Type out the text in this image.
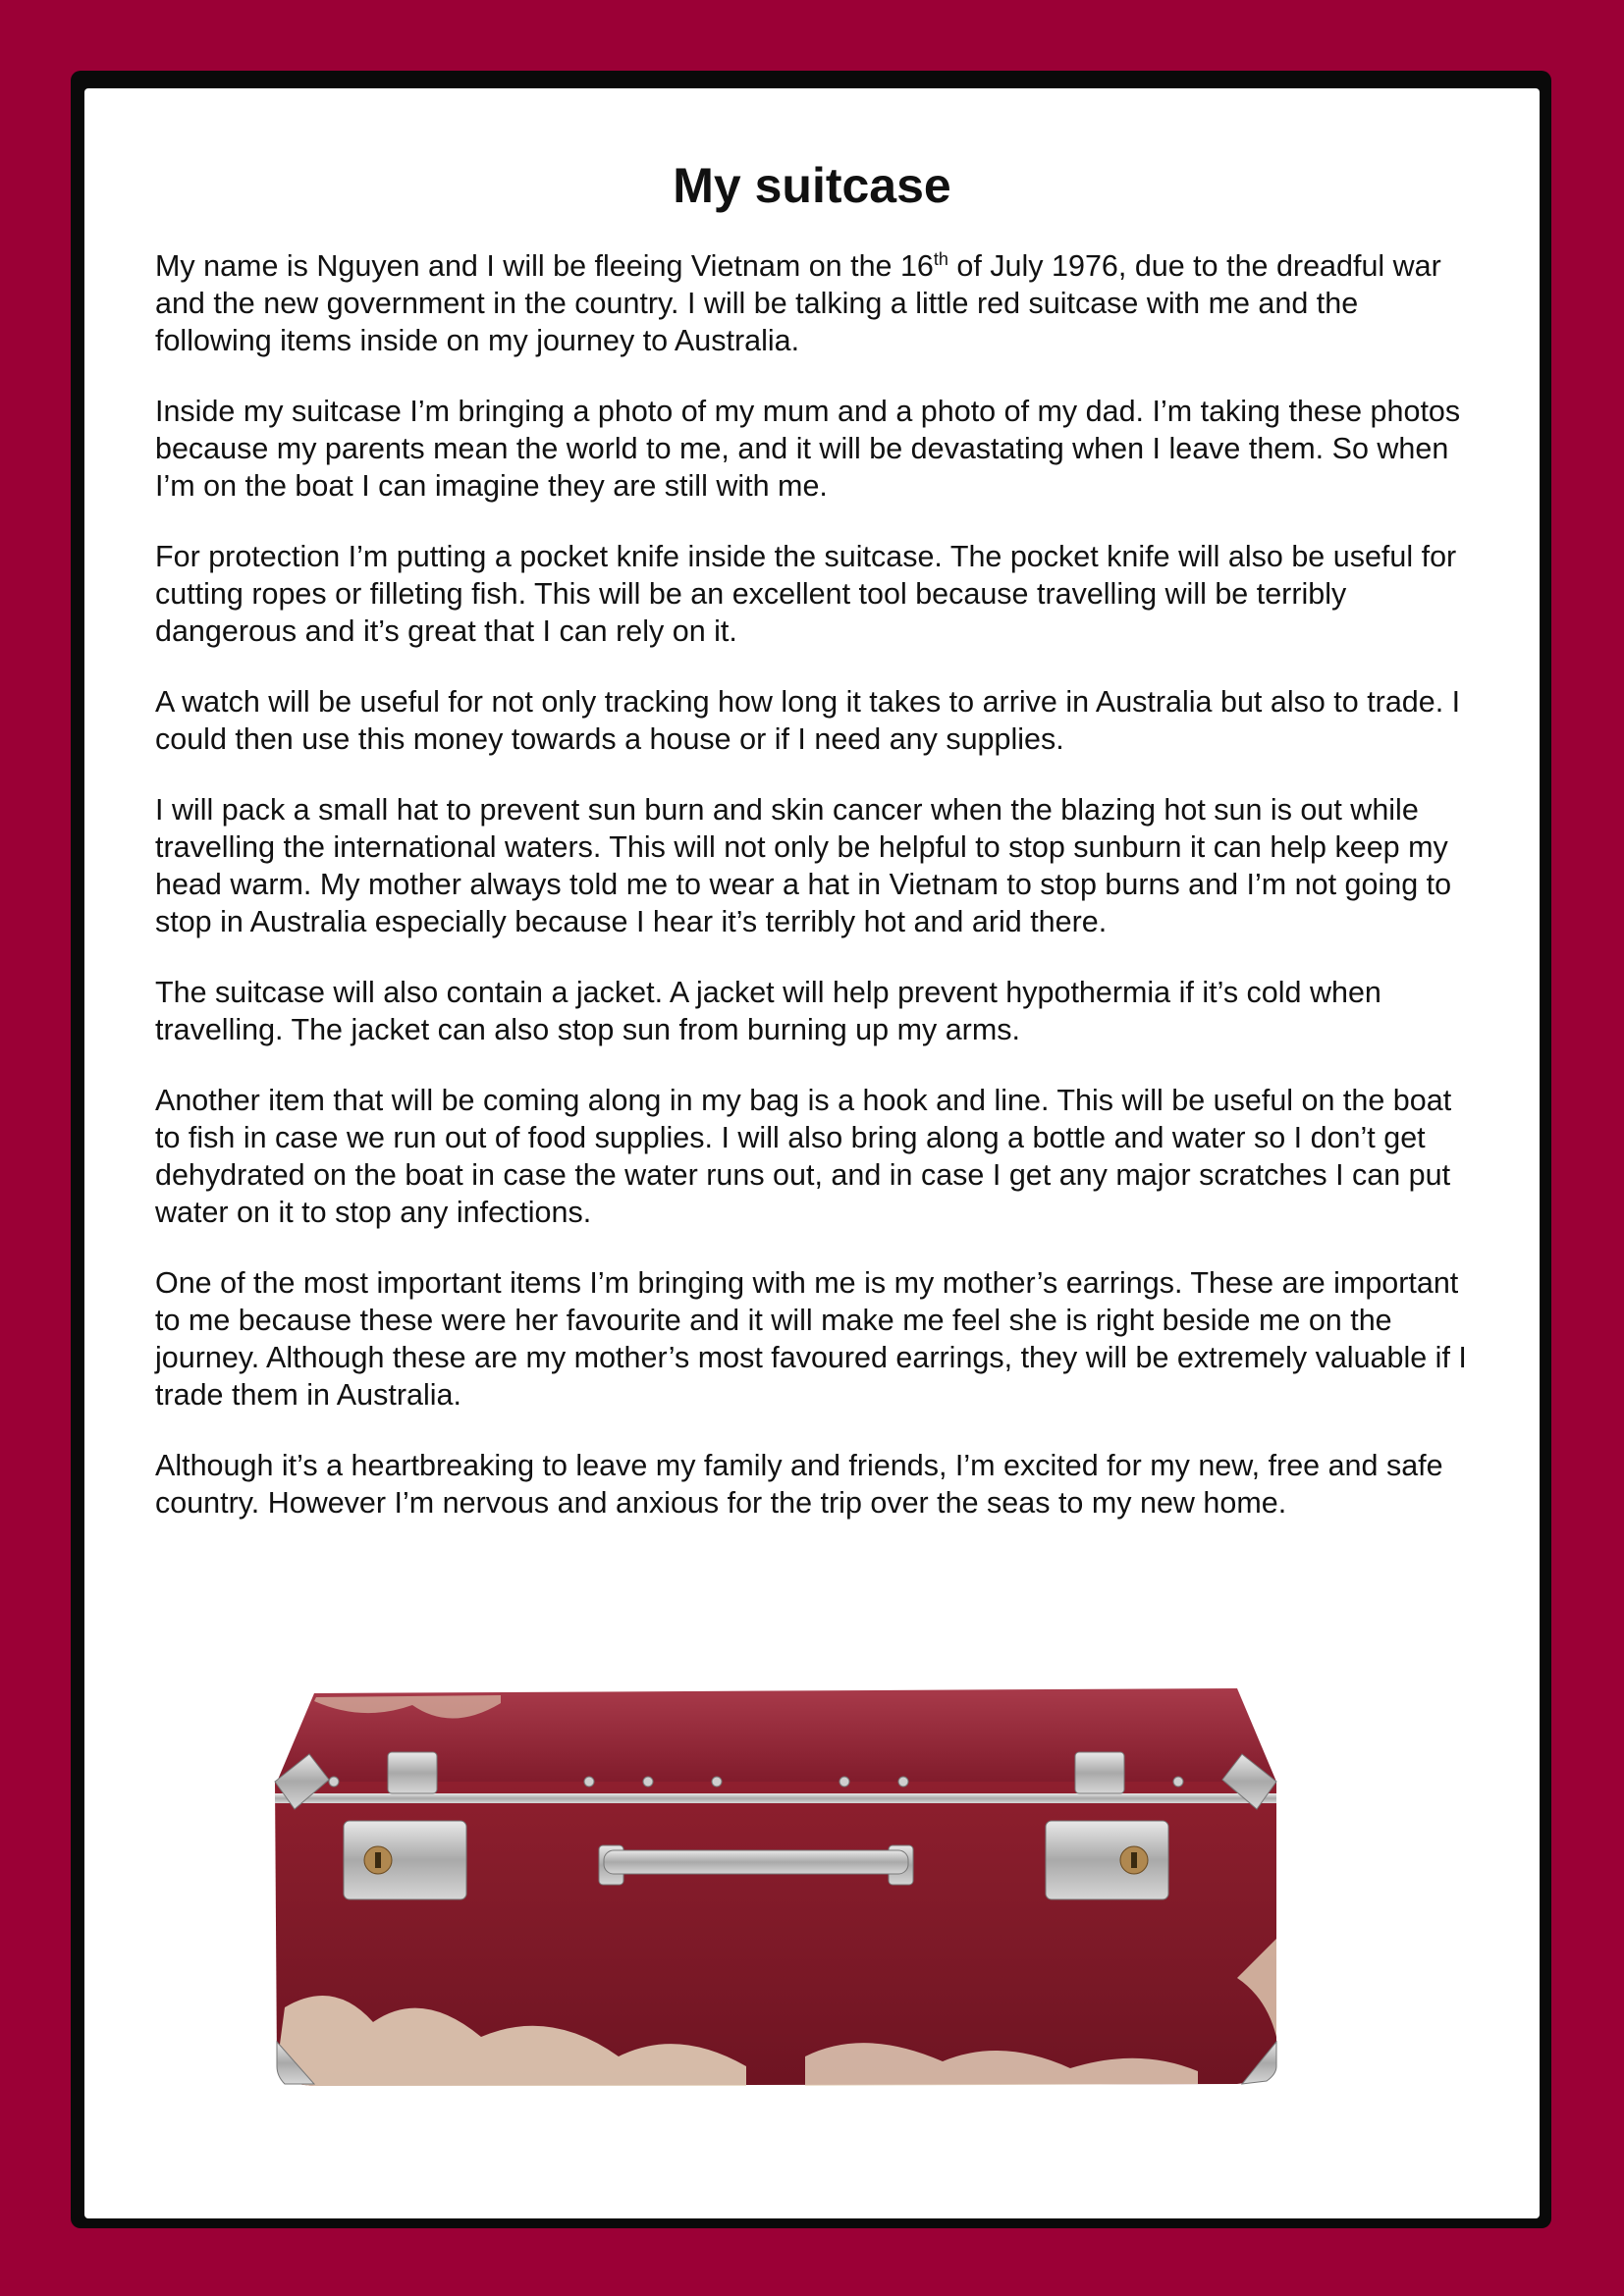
My suitcase

My name is Nguyen and I will be fleeing Vietnam on the 16th of July 1976, due to the dreadful war and the new government in the country. I will be talking a little red suitcase with me and the following items inside on my journey to Australia.

Inside my suitcase I’m bringing a photo of my mum and a photo of my dad. I’m taking these photos because my parents mean the world to me, and it will be devastating when I leave them. So when I’m on the boat I can imagine they are still with me.

For protection I’m putting a pocket knife inside the suitcase. The pocket knife will also be useful for cutting ropes or filleting fish. This will be an excellent tool because travelling will be terribly dangerous and it’s great that I can rely on it.

A watch will be useful for not only tracking how long it takes to arrive in Australia but also to trade. I could then use this money towards a house or if I need any supplies.

I will pack a small hat to prevent sun burn and skin cancer when the blazing hot sun is out while travelling the international waters. This will not only be helpful to stop sunburn it can help keep my head warm. My mother always told me to wear a hat in Vietnam to stop burns and I’m not going to stop in Australia especially because I hear it’s terribly hot and arid there.

The suitcase will also contain a jacket. A jacket will help prevent hypothermia if it’s cold when travelling. The jacket can also stop sun from burning up my arms.

Another item that will be coming along in my bag is a hook and line. This will be useful on the boat to fish in case we run out of food supplies. I will also bring along a bottle and water so I don’t get dehydrated on the boat in case the water runs out, and in case I get any major scratches I can put water on it to stop any infections.

One of the most important items I’m bringing with me is my mother’s earrings. These are important to me because these were her favourite and it will make me feel she is right beside me on the journey. Although these are my mother’s most favoured earrings, they will be extremely valuable if I trade them in Australia.

Although it’s a heartbreaking to leave my family and friends, I’m excited for my new, free and safe country. However I’m nervous and anxious for the trip over the seas to my new home.
